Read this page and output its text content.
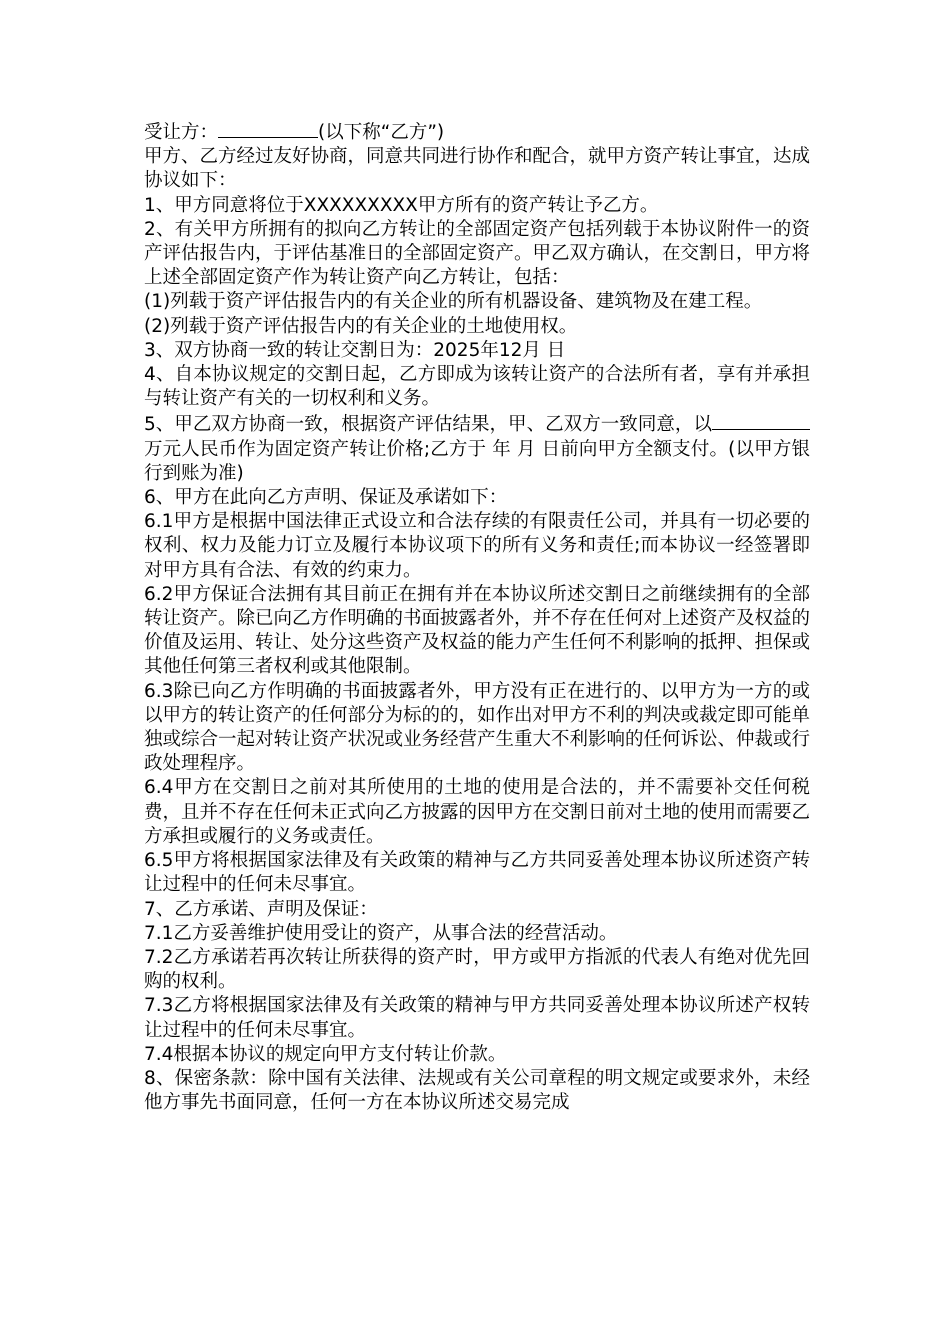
受让方：	(以下称“乙方”)

甲方、乙方经过友好协商，同意共同进行协作和配合，就甲方资产转让事宜，达成协议如下：

1、甲方同意将位于XXXXXXXXX甲方所有的资产转让予乙方。

2、有关甲方所拥有的拟向乙方转让的全部固定资产包括列载于本协议附件一的资产评估报告内，于评估基准日的全部固定资产。甲乙双方确认，在交割日，甲方将上述全部固定资产作为转让资产向乙方转让，包括：

(1)列载于资产评估报告内的有关企业的所有机器设备、建筑物及在建工程。

(2)列载于资产评估报告内的有关企业的土地使用权。

3、双方协商一致的转让交割日为：2025年12月 日

4、自本协议规定的交割日起，乙方即成为该转让资产的合法所有者，享有并承担与转让资产有关的一切权利和义务。

5、甲乙双方协商一致，根据资产评估结果，甲、乙双方一致同意，以万元人民币作为固定资产转让价格;乙方于 年 月 日前向甲方全额支付。(以甲方银行到账为准)

6、甲方在此向乙方声明、保证及承诺如下：

6.1甲方是根据中国法律正式设立和合法存续的有限责任公司，并具有一切必要的权利、权力及能力订立及履行本协议项下的所有义务和责任;而本协议一经签署即对甲方具有合法、有效的约束力。

6.2甲方保证合法拥有其目前正在拥有并在本协议所述交割日之前继续拥有的全部转让资产。除已向乙方作明确的书面披露者外，并不存在任何对上述资产及权益的价值及运用、转让、处分这些资产及权益的能力产生任何不利影响的抵押、担保或其他任何第三者权利或其他限制。

6.3除已向乙方作明确的书面披露者外，甲方没有正在进行的、以甲方为一方的或以甲方的转让资产的任何部分为标的的，如作出对甲方不利的判决或裁定即可能单独或综合一起对转让资产状况或业务经营产生重大不利影响的任何诉讼、仲裁或行政处理程序。

6.4甲方在交割日之前对其所使用的土地的使用是合法的，并不需要补交任何税费，且并不存在任何未正式向乙方披露的因甲方在交割日前对土地的使用而需要乙方承担或履行的义务或责任。

6.5甲方将根据国家法律及有关政策的精神与乙方共同妥善处理本协议所述资产转让过程中的任何未尽事宜。

7、乙方承诺、声明及保证：

7.1乙方妥善维护使用受让的资产，从事合法的经营活动。

7.2乙方承诺若再次转让所获得的资产时，甲方或甲方指派的代表人有绝对优先回购的权利。

7.3乙方将根据国家法律及有关政策的精神与甲方共同妥善处理本协议所述产权转让过程中的任何未尽事宜。

7.4根据本协议的规定向甲方支付转让价款。

8、保密条款：除中国有关法律、法规或有关公司章程的明文规定或要求外，未经他方事先书面同意，任何一方在本协议所述交易完成
